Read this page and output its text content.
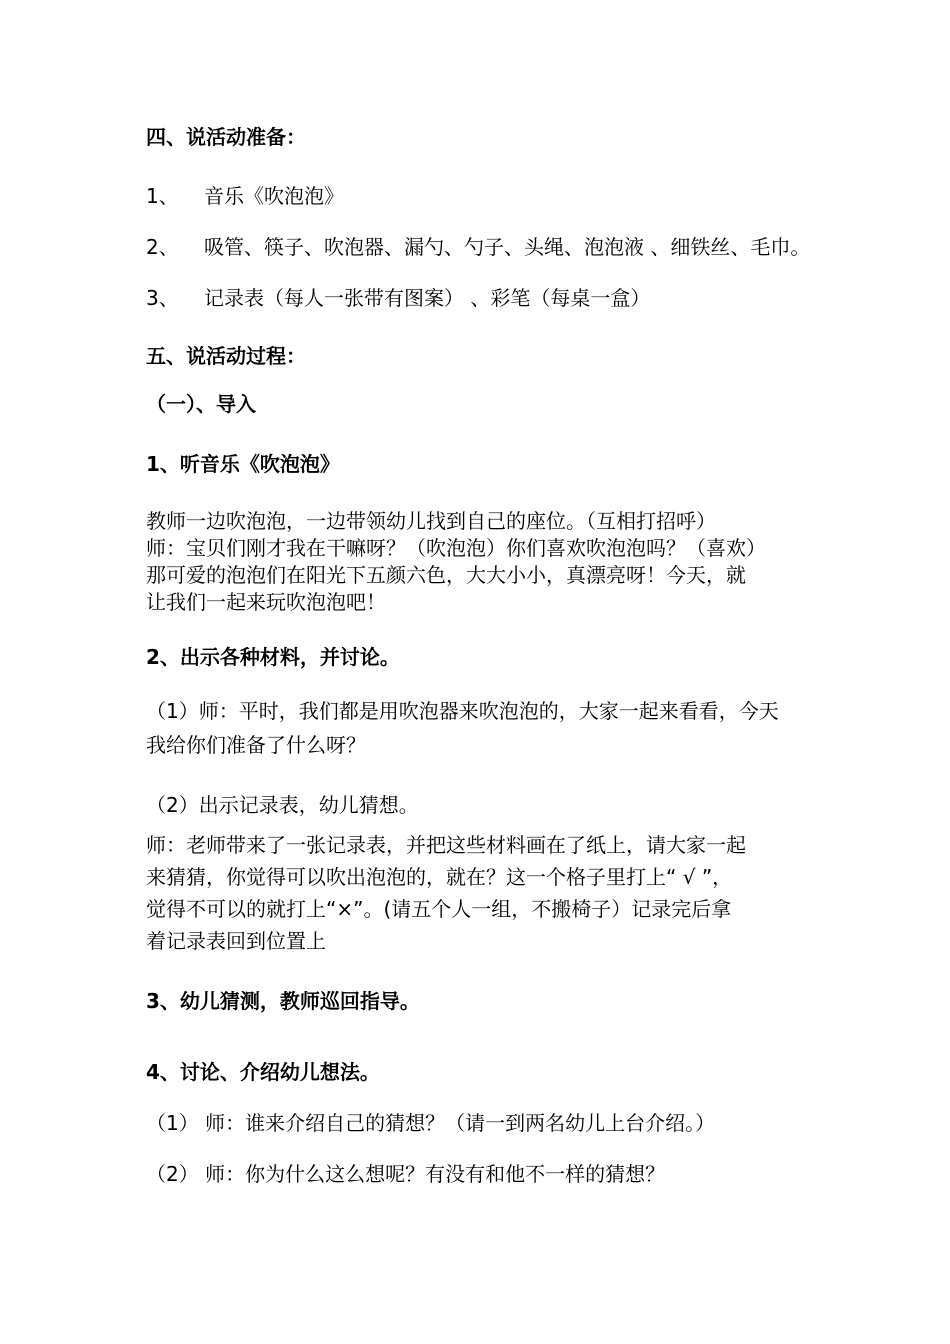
四、说活动准备：
1、 音乐《吹泡泡》
2、 吸管、筷子、吹泡器、漏勺、勺子、头绳、泡泡液 、细铁丝、毛巾。
3、 记录表（每人一张带有图案） 、彩笔（每桌一盒）
五、说活动过程：
（一）、导入
1、听音乐《吹泡泡》
教师一边吹泡泡，一边带领幼儿找到自己的座位。（互相打招呼）
师：宝贝们刚才我在干嘛呀？（吹泡泡）你们喜欢吹泡泡吗？（喜欢）
那可爱的泡泡们在阳光下五颜六色，大大小小，真漂亮呀！今天，就
让我们一起来玩吹泡泡吧！
2、出示各种材料，并讨论。
（1）师：平时，我们都是用吹泡器来吹泡泡的，大家一起来看看，今天
我给你们准备了什么呀？
（2）出示记录表，幼儿猜想。
师：老师带来了一张记录表，并把这些材料画在了纸上，请大家一起
来猜猜，你觉得可以吹出泡泡的，就在？这一个格子里打上“ √ ”，
觉得不可以的就打上“×”。(请五个人一组，不搬椅子）记录完后拿
着记录表回到位置上
3、幼儿猜测，教师巡回指导。
4、讨论、介绍幼儿想法。
（1） 师：谁来介绍自己的猜想？（请一到两名幼儿上台介绍。）
（2） 师：你为什么这么想呢？有没有和他不一样的猜想？
